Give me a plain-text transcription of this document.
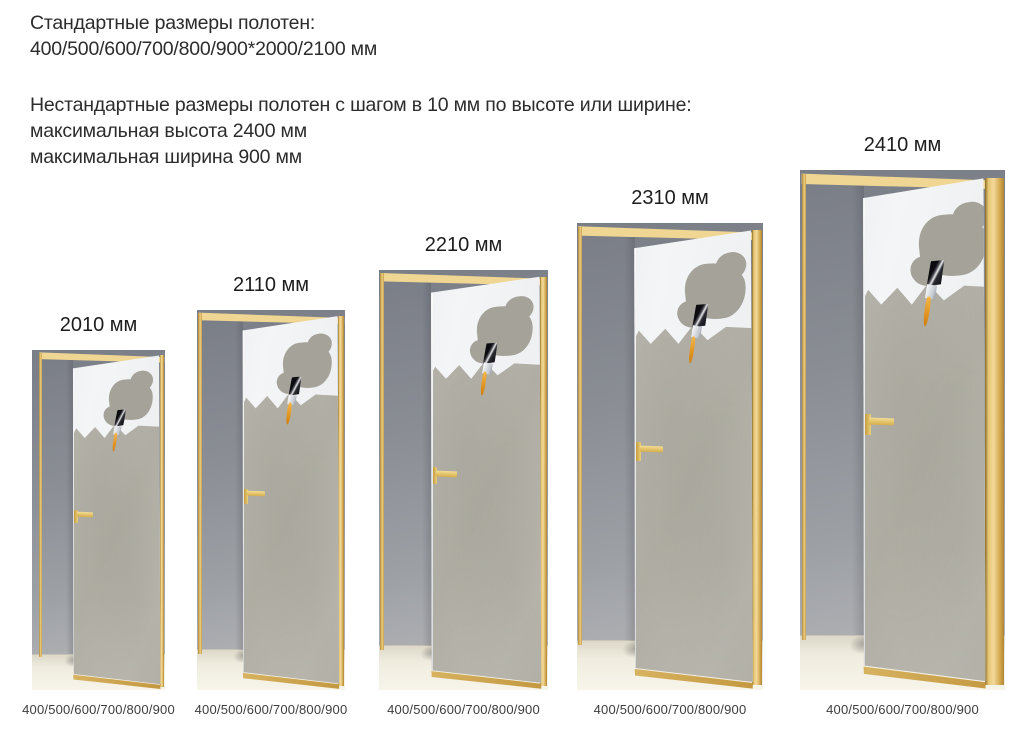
Стандартные размеры полотен:
400/500/600/700/800/900*2000/2100 мм
Нестандартные размеры полотен с шагом в 10 мм по высоте или ширине:
максимальная высота 2400 мм
максимальная ширина 900 мм
2010 мм
400/500/600/700/800/900
2110 мм
400/500/600/700/800/900
2210 мм
400/500/600/700/800/900
2310 мм
400/500/600/700/800/900
2410 мм
400/500/600/700/800/900
